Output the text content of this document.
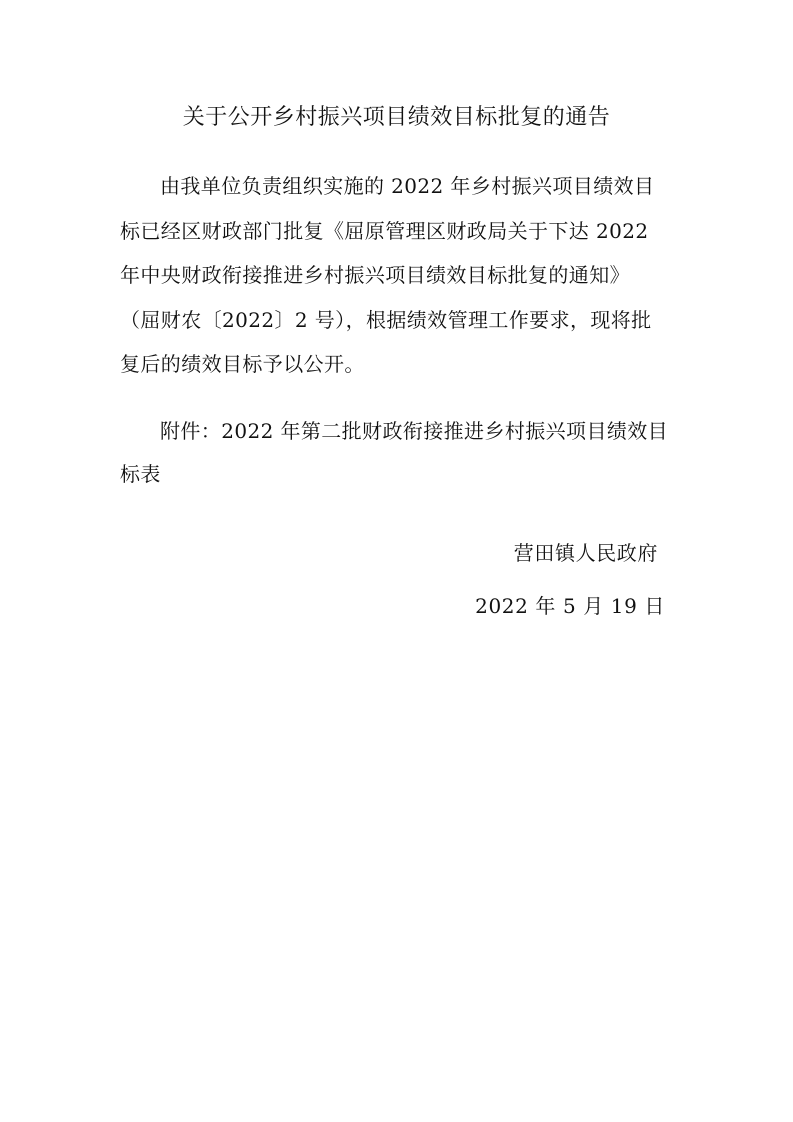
关于公开乡村振兴项目绩效目标批复的通告
由我单位负责组织实施的 2022 年乡村振兴项目绩效目
标已经区财政部门批复《屈原管理区财政局关于下达 2022
年中央财政衔接推进乡村振兴项目绩效目标批复的通知》
（屈财农〔2022〕2 号），根据绩效管理工作要求，现将批
复后的绩效目标予以公开。
附件：2022 年第二批财政衔接推进乡村振兴项目绩效目
标表
营田镇人民政府
2022 年 5 月 19 日
